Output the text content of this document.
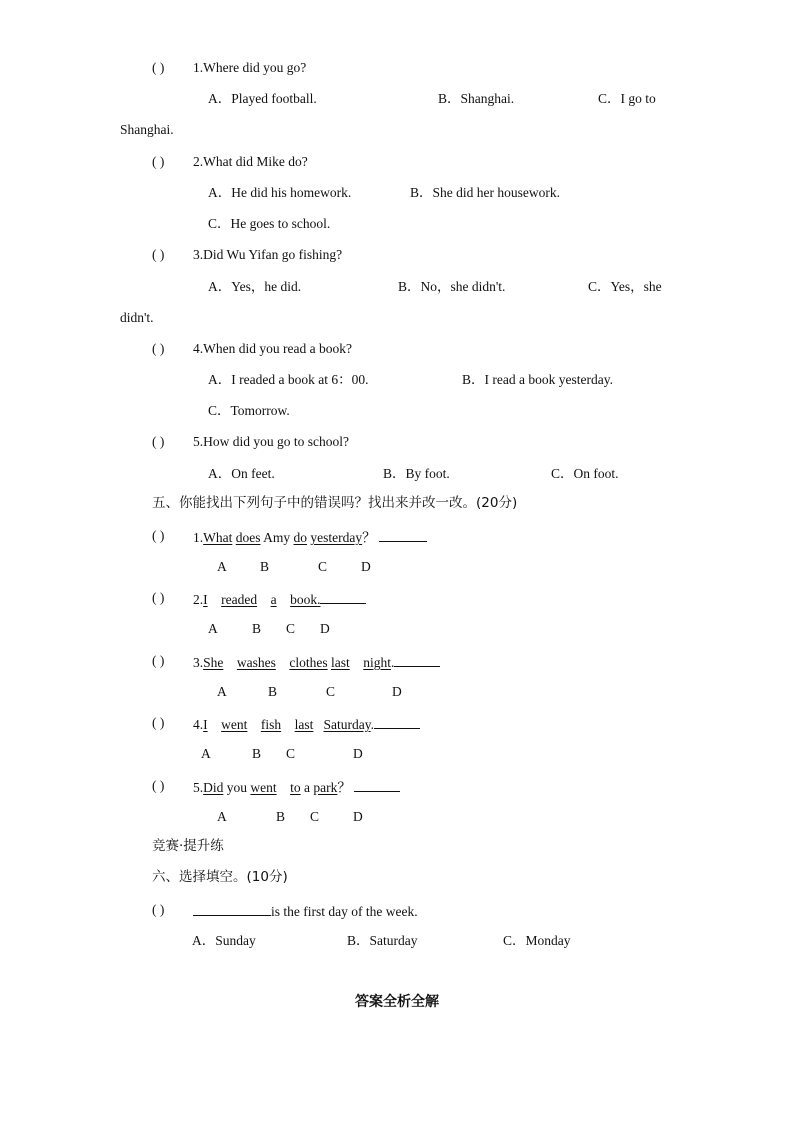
( ) 1.Where did you go?
A．Played football.	B．Shanghai.	C．I go to
Shanghai.
( ) 2.What did Mike do?
A．He did his homework.	B．She did her housework.
C．He goes to school.
( ) 3.Did Wu Yifan go fishing?
A．Yes，he did.	B．No，she didn't.	C．Yes，she
didn't.
( ) 4.When did you read a book?
A．I readed a book at 6：00.	B．I read a book yesterday.
C．Tomorrow.
( ) 5.How did you go to school?
A．On feet.	B．By foot.	C．On foot.
五、你能找出下列句子中的错误吗？找出来并改一改。(20分)
( ) 1.What does Amy do yesterday？
A B	C	D
( ) 2.I readed a book.
A	B C D
( ) 3.She washes clothes last night.
A	B	C	D
( ) 4.I went fish last Saturday.
A	B C	D
( ) 5.Did you went to a park？
A	B C	D
竞赛·提升练
六、选择填空。(10分)
( )	is the first day of the week.
A．Sunday	B．Saturday	C．Monday
答案全析全解
